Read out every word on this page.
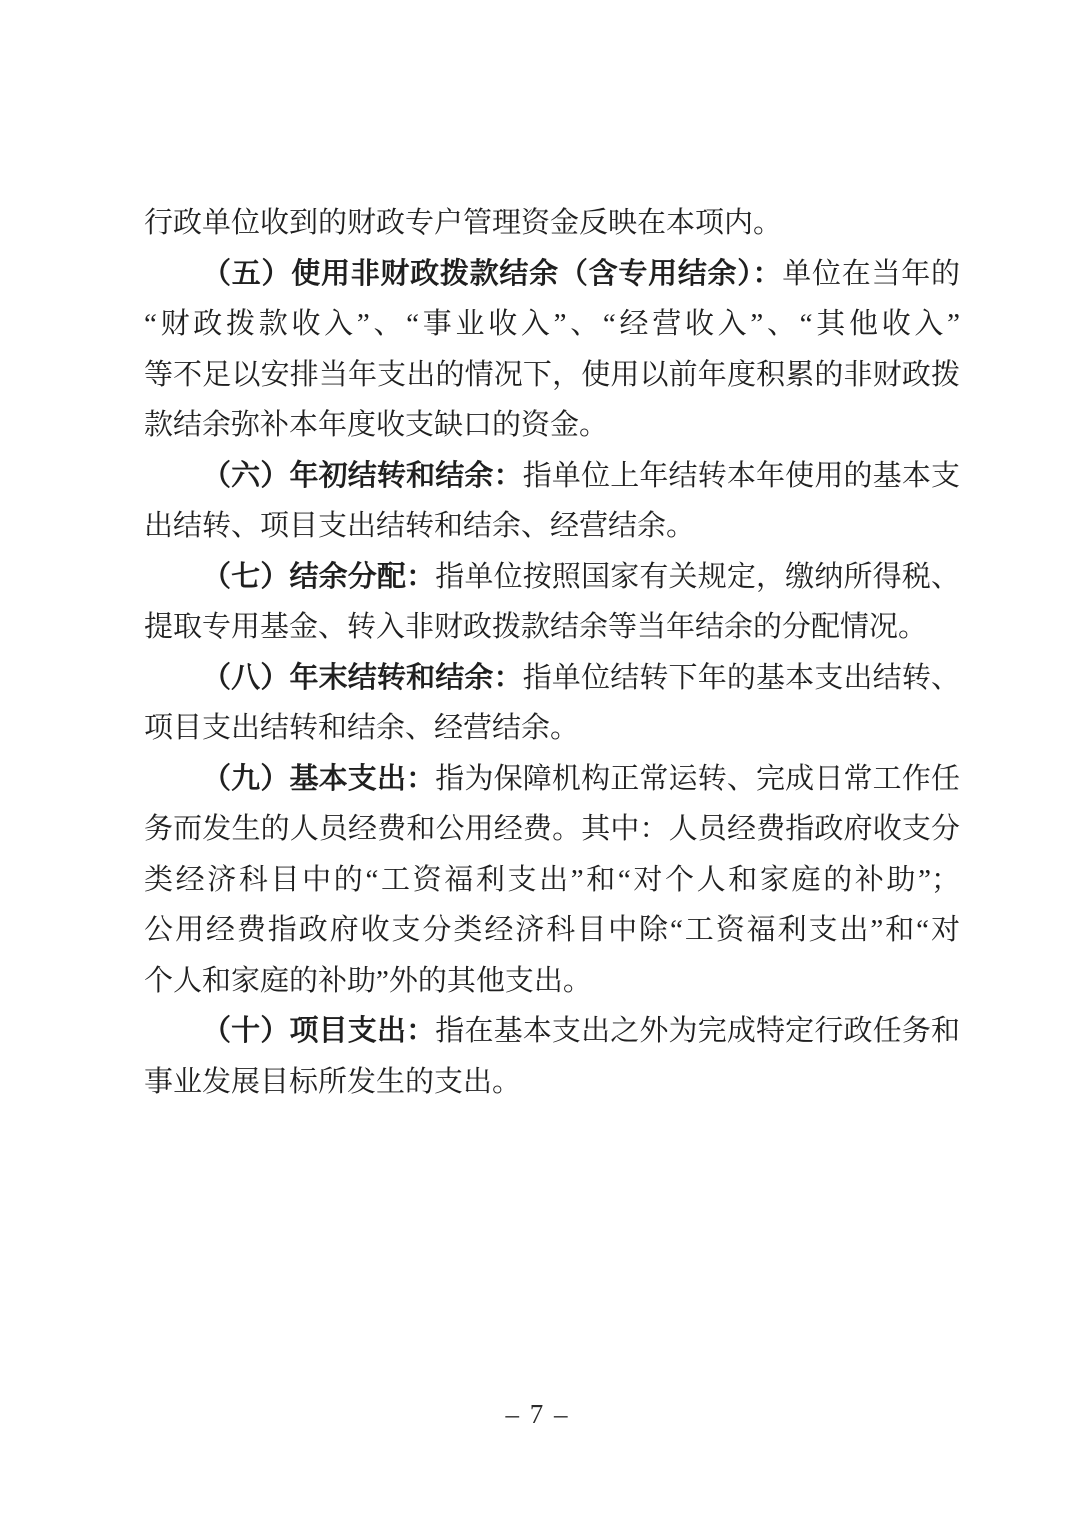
行政单位收到的财政专户管理资金反映在本项内。
（五）使用非财政拨款结余（含专用结余）：单位在当年的
“财政拨款收入”、“事业收入”、“经营收入”、“其他收入”
等不足以安排当年支出的情况下，使用以前年度积累的非财政拨
款结余弥补本年度收支缺口的资金。
（六）年初结转和结余：指单位上年结转本年使用的基本支
出结转、项目支出结转和结余、经营结余。
（七）结余分配：指单位按照国家有关规定，缴纳所得税、
提取专用基金、转入非财政拨款结余等当年结余的分配情况。
（八）年末结转和结余：指单位结转下年的基本支出结转、
项目支出结转和结余、经营结余。
（九）基本支出：指为保障机构正常运转、完成日常工作任
务而发生的人员经费和公用经费。其中：人员经费指政府收支分
类经济科目中的“工资福利支出”和“对个人和家庭的补助”；
公用经费指政府收支分类经济科目中除“工资福利支出”和“对
个人和家庭的补助”外的其他支出。
（十）项目支出：指在基本支出之外为完成特定行政任务和
事业发展目标所发生的支出。
– 7 –
